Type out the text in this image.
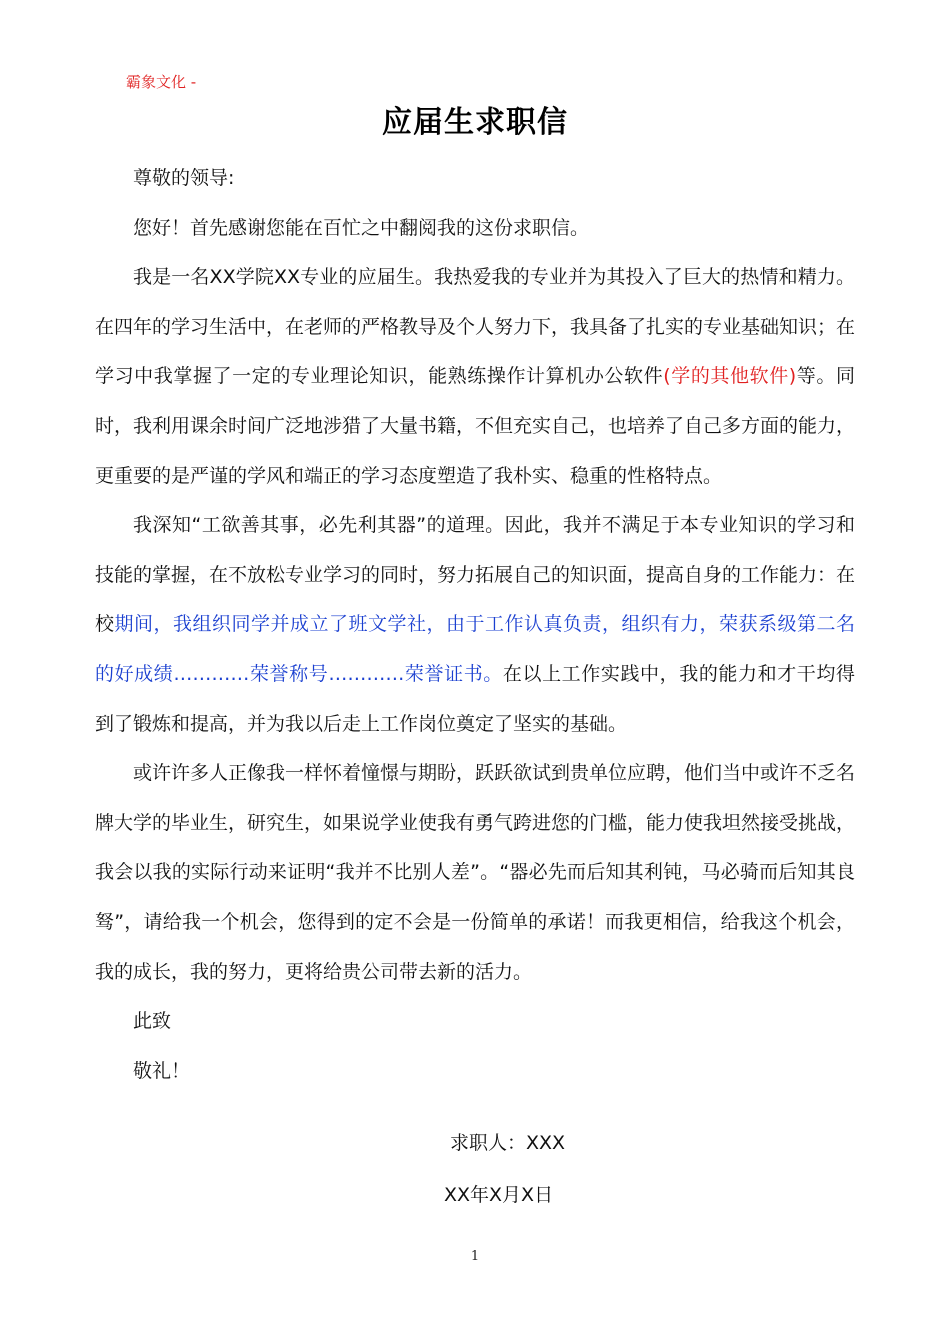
霸象文化 -
应届生求职信

尊敬的领导:

您好！首先感谢您能在百忙之中翻阅我的这份求职信。

我是一名XX学院XX专业的应届生。我热爱我的专业并为其投入了巨大的热情和精力。在四年的学习生活中，在老师的严格教导及个人努力下，我具备了扎实的专业基础知识；在学习中我掌握了一定的专业理论知识，能熟练操作计算机办公软件(学的其他软件)等。同时，我利用课余时间广泛地涉猎了大量书籍，不但充实自己，也培养了自己多方面的能力，更重要的是严谨的学风和端正的学习态度塑造了我朴实、稳重的性格特点。

我深知“工欲善其事，必先利其器”的道理。因此，我并不满足于本专业知识的学习和技能的掌握，在不放松专业学习的同时，努力拓展自己的知识面，提高自身的工作能力：在校期间，我组织同学并成立了班文学社，由于工作认真负责，组织有力，荣获系级第二名的好成绩…………荣誉称号…………荣誉证书。在以上工作实践中，我的能力和才干均得到了锻炼和提高，并为我以后走上工作岗位奠定了坚实的基础。

或许许多人正像我一样怀着憧憬与期盼，跃跃欲试到贵单位应聘，他们当中或许不乏名牌大学的毕业生，研究生，如果说学业使我有勇气跨进您的门槛，能力使我坦然接受挑战，我会以我的实际行动来证明“我并不比别人差”。“器必先而后知其利钝，马必骑而后知其良驽”，请给我一个机会，您得到的定不会是一份简单的承诺！而我更相信，给我这个机会，我的成长，我的努力，更将给贵公司带去新的活力。

此致

敬礼！

求职人：XXX
XX年X月X日
1
